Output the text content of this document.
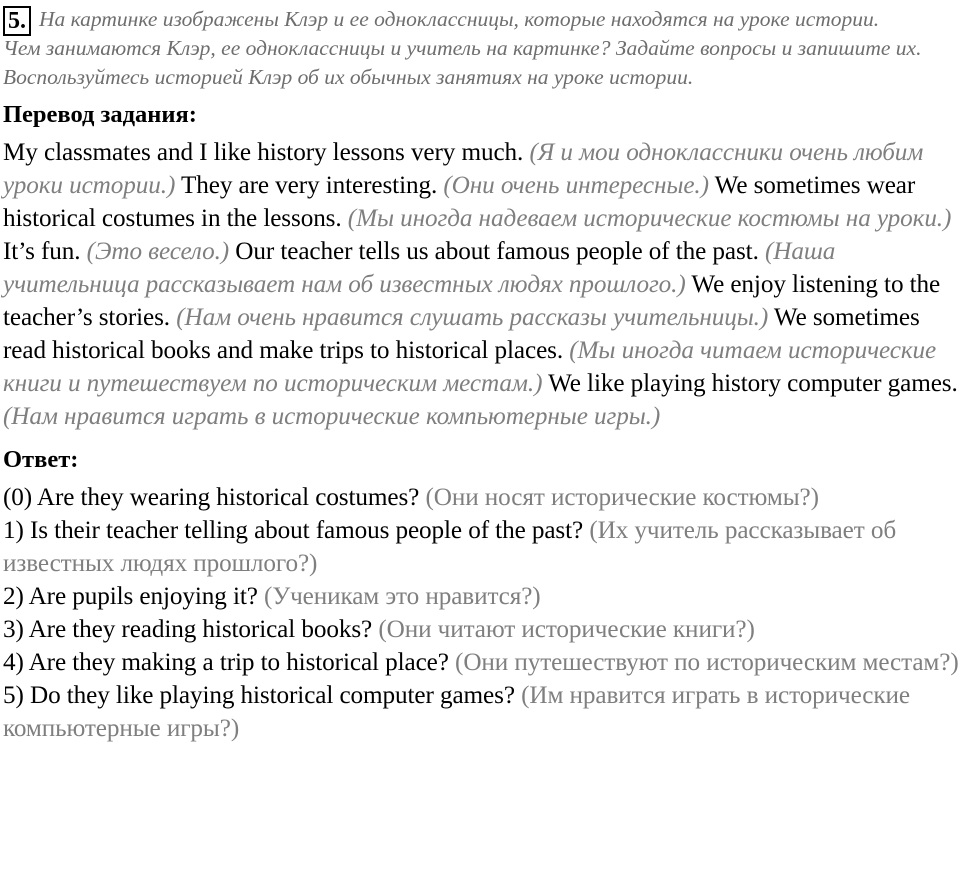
5. На картинке изображены Клэр и ее одноклассницы, которые находятся на уроке истории.
Чем занимаются Клэр, ее одноклассницы и учитель на картинке? Задайте вопросы и запишите их. Воспользуйтесь историей Клэр об их обычных занятиях на уроке истории.
Перевод задания:
My classmates and I like history lessons very much. (Я и мои одноклассники очень любим уроки истории.) They are very interesting. (Они очень интересные.) We sometimes wear historical costumes in the lessons. (Мы иногда надеваем исторические костюмы на уроки.) It’s fun. (Это весело.) Our teacher tells us about famous people of the past. (Наша учительница рассказывает нам об известных людях прошлого.) We enjoy listening to the teacher’s stories. (Нам очень нравится слушать рассказы учительницы.) We sometimes read historical books and make trips to historical places. (Мы иногда читаем исторические книги и путешествуем по историческим местам.) We like playing history computer games. (Нам нравится играть в исторические компьютерные игры.)
Ответ:
(0) Are they wearing historical costumes? (Они носят исторические костюмы?)
1) Is their teacher telling about famous people of the past? (Их учитель рассказывает об известных людях прошлого?)
2) Are pupils enjoying it? (Ученикам это нравится?)
3) Are they reading historical books? (Они читают исторические книги?)
4) Are they making a trip to historical place? (Они путешествуют по историческим местам?)
5) Do they like playing historical computer games? (Им нравится играть в исторические компьютерные игры?)
